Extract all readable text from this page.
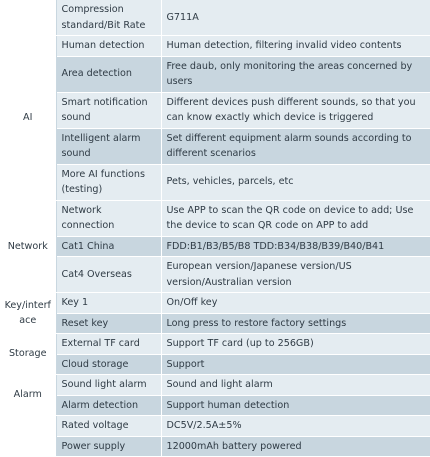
	Compression standard/Bit Rate	G711A
AI	Human detection	Human detection, filtering invalid video contents
	Area detection	Free daub, only monitoring the areas concerned by users
	Smart notification sound	Different devices push different sounds, so that you can know exactly which device is triggered
	Intelligent alarm sound	Set different equipment alarm sounds according to different scenarios
	More AI functions (testing)	Pets, vehicles, parcels, etc
Network	Network connection	Use APP to scan the QR code on device to add; Use the device to scan QR code on APP to add
	Cat1 China	FDD:B1/B3/B5/B8 TDD:B34/B38/B39/B40/B41
	Cat4 Overseas	European version/Japanese version/US version/Australian version
Key/interface	Key 1	On/Off key
	Reset key	Long press to restore factory settings
Storage	External TF card	Support TF card (up to 256GB)
	Cloud storage	Support
Alarm	Sound light alarm	Sound and light alarm
	Alarm detection	Support human detection
	Rated voltage	DC5V/2.5A±5%
	Power supply	12000mAh battery powered
